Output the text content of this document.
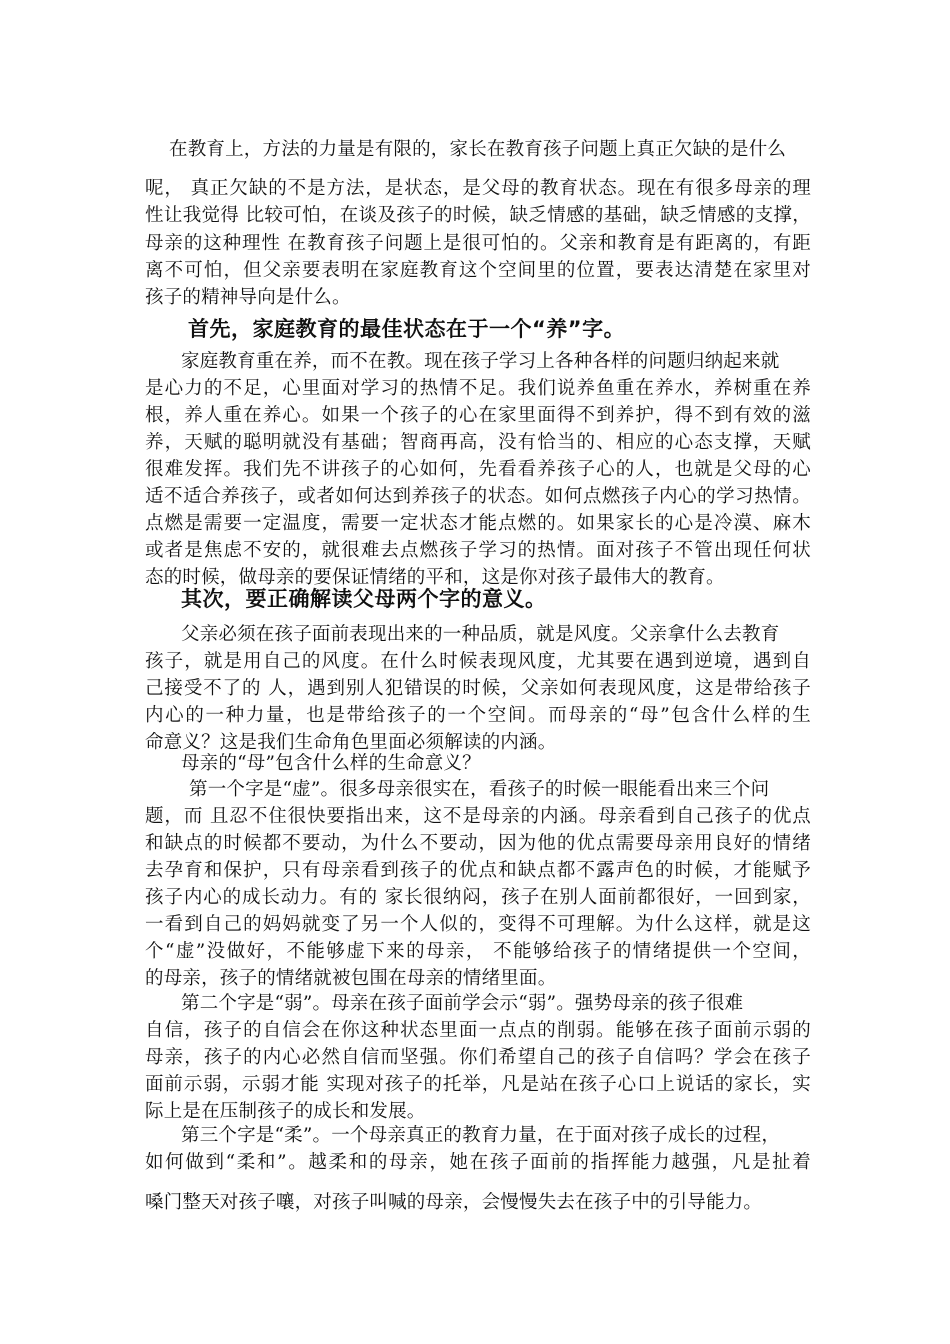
在教育上，方法的力量是有限的，家长在教育孩子问题上真正欠缺的是什么
呢， 真正欠缺的不是方法，是状态，是父母的教育状态。现在有很多母亲的理
性让我觉得 比较可怕，在谈及孩子的时候，缺乏情感的基础，缺乏情感的支撑，
母亲的这种理性 在教育孩子问题上是很可怕的。父亲和教育是有距离的，有距
离不可怕，但父亲要表明在家庭教育这个空间里的位置，要表达清楚在家里对
孩子的精神导向是什么。
首先，家庭教育的最佳状态在于一个“养”字。
家庭教育重在养，而不在教。现在孩子学习上各种各样的问题归纳起来就
是心力的不足，心里面对学习的热情不足。我们说养鱼重在养水，养树重在养
根，养人重在养心。如果一个孩子的心在家里面得不到养护，得不到有效的滋
养，天赋的聪明就没有基础；智商再高，没有恰当的、相应的心态支撑，天赋
很难发挥。我们先不讲孩子的心如何，先看看养孩子心的人，也就是父母的心
适不适合养孩子，或者如何达到养孩子的状态。如何点燃孩子内心的学习热情。
点燃是需要一定温度，需要一定状态才能点燃的。如果家长的心是冷漠、麻木
或者是焦虑不安的，就很难去点燃孩子学习的热情。面对孩子不管出现任何状
态的时候，做母亲的要保证情绪的平和，这是你对孩子最伟大的教育。
其次，要正确解读父母两个字的意义。
父亲必须在孩子面前表现出来的一种品质，就是风度。父亲拿什么去教育
孩子，就是用自己的风度。在什么时候表现风度，尤其要在遇到逆境，遇到自
己接受不了的 人，遇到别人犯错误的时候，父亲如何表现风度，这是带给孩子
内心的一种力量，也是带给孩子的一个空间。而母亲的“母”包含什么样的生
命意义？这是我们生命角色里面必须解读的内涵。
母亲的“母”包含什么样的生命意义？
第一个字是“虚”。很多母亲很实在，看孩子的时候一眼能看出来三个问
题，而 且忍不住很快要指出来，这不是母亲的内涵。母亲看到自己孩子的优点
和缺点的时候都不要动，为什么不要动，因为他的优点需要母亲用良好的情绪
去孕育和保护，只有母亲看到孩子的优点和缺点都不露声色的时候，才能赋予
孩子内心的成长动力。有的 家长很纳闷，孩子在别人面前都很好，一回到家，
一看到自己的妈妈就变了另一个人似的，变得不可理解。为什么这样，就是这
个“虚”没做好，不能够虚下来的母亲， 不能够给孩子的情绪提供一个空间，
的母亲，孩子的情绪就被包围在母亲的情绪里面。
第二个字是“弱”。母亲在孩子面前学会示“弱”。强势母亲的孩子很难
自信，孩子的自信会在你这种状态里面一点点的削弱。能够在孩子面前示弱的
母亲，孩子的内心必然自信而坚强。你们希望自己的孩子自信吗？学会在孩子
面前示弱，示弱才能 实现对孩子的托举，凡是站在孩子心口上说话的家长，实
际上是在压制孩子的成长和发展。
第三个字是“柔”。一个母亲真正的教育力量，在于面对孩子成长的过程，
如何做到“柔和”。越柔和的母亲，她在孩子面前的指挥能力越强，凡是扯着
嗓门整天对孩子嚷，对孩子叫喊的母亲，会慢慢失去在孩子中的引导能力。
